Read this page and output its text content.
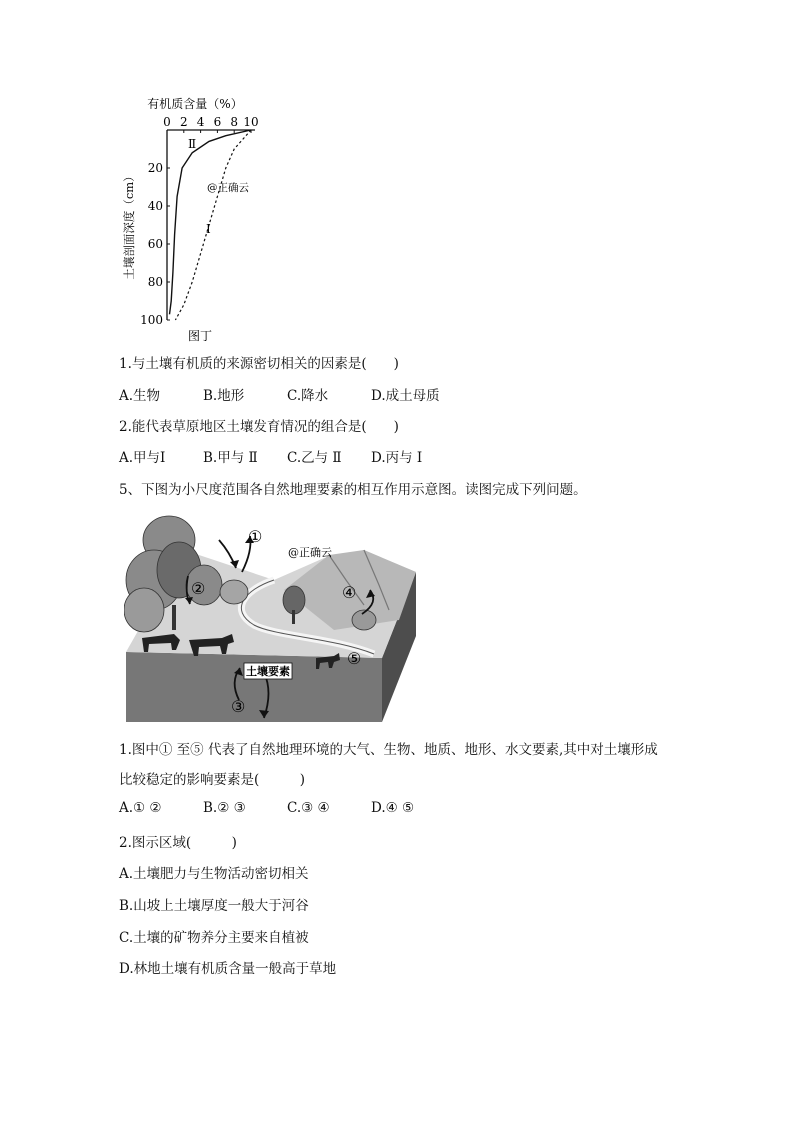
有机质含量（%）
0 2 4 6 8 10
20
40
60
80
100
土壤剖面深度（cm）
Ⅱ
Ⅰ
@正确云
图丁
1.与土壤有机质的来源密切相关的因素是(　　)
A.生物	B.地形	C.降水	D.成土母质
2.能代表草原地区土壤发育情况的组合是(　　)
A.甲与Ⅰ	B.甲与 Ⅱ C.乙与 Ⅱ D.丙与 Ⅰ
5、下图为小尺度范围各自然地理要素的相互作用示意图。读图完成下列问题。
①
②
③
④
⑤
@正确云
土壤要素
1.图中① 至⑤ 代表了自然地理环境的大气、生物、地质、地形、水文要素,其中对土壤形成
比较稳定的影响要素是(　　　)
A.① ②	B.② ③	C.③ ④	D.④ ⑤
2.图示区域(　　　)
A.土壤肥力与生物活动密切相关
B.山坡上土壤厚度一般大于河谷
C.土壤的矿物养分主要来自植被
D.林地土壤有机质含量一般高于草地
